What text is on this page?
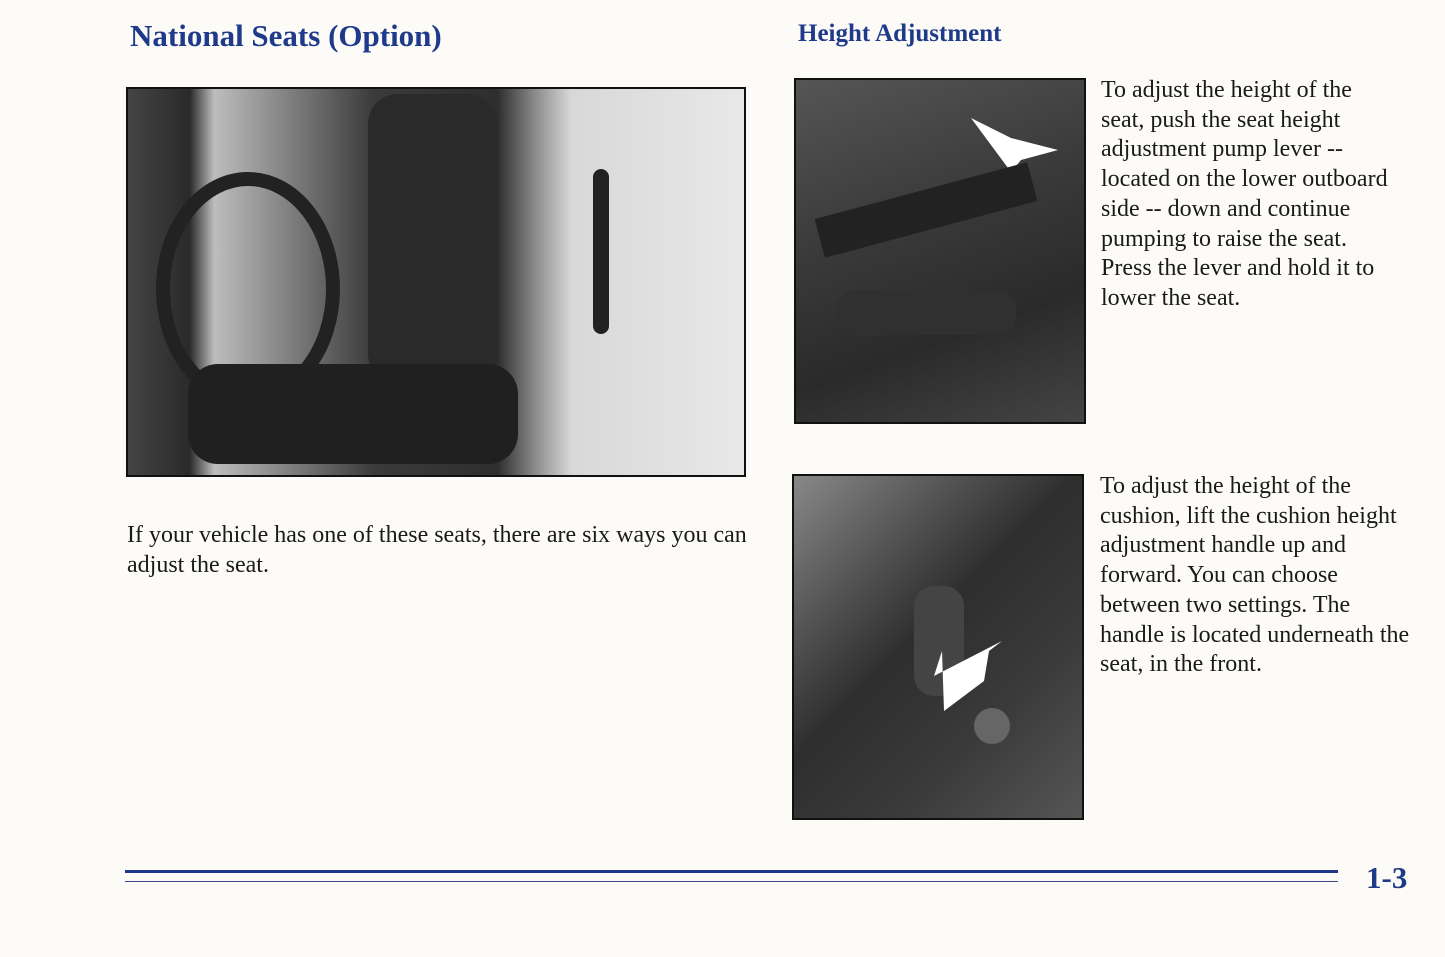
National Seats (Option)	Height Adjustment

If your vehicle has one of these seats, there are six ways you can adjust the seat.

To adjust the height of the seat, push the seat height adjustment pump lever -- located on the lower outboard side -- down and continue pumping to raise the seat. Press the lever and hold it to lower the seat.

To adjust the height of the cushion, lift the cushion height adjustment handle up and forward. You can choose between two settings. The handle is located underneath the seat, in the front.

1-3
